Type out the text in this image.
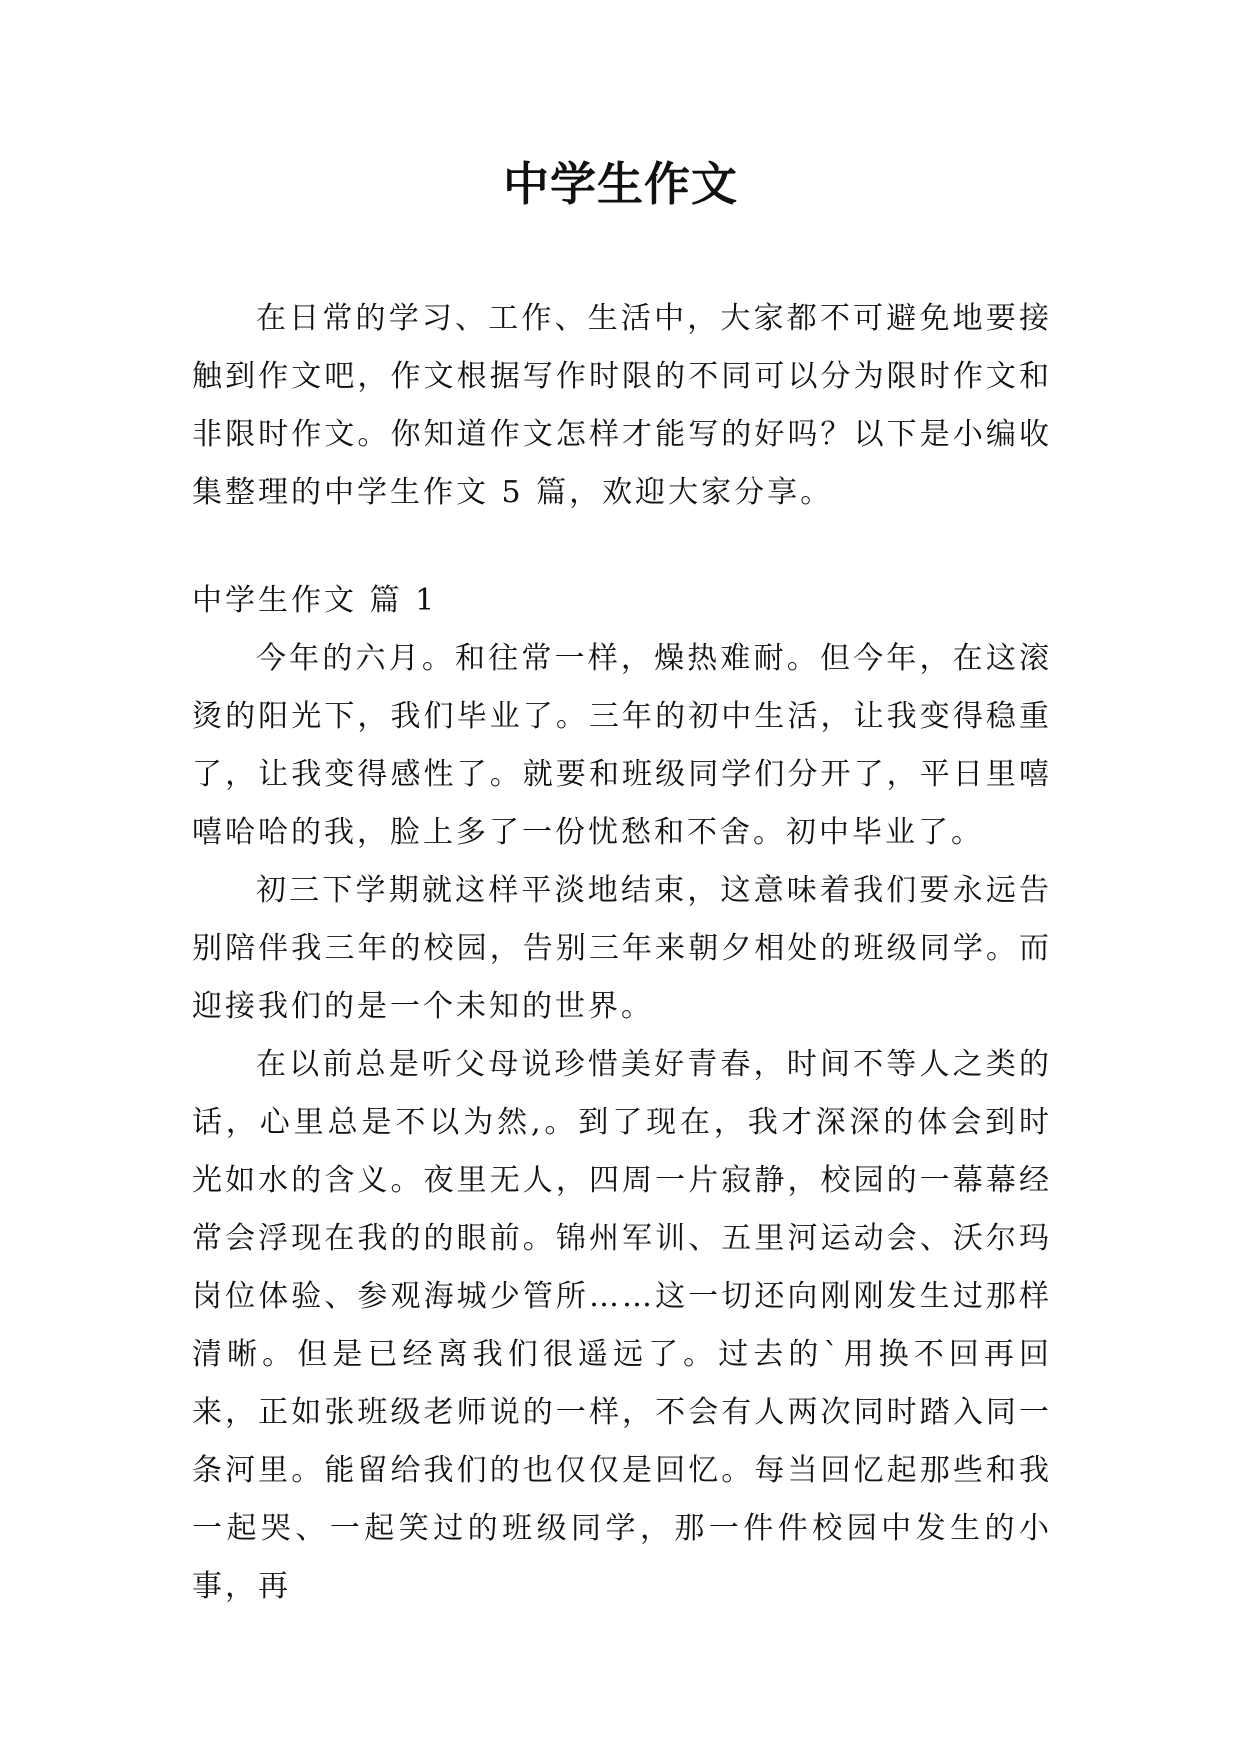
中学生作文

在日常的学习、工作、生活中，大家都不可避免地要接触到作文吧，作文根据写作时限的不同可以分为限时作文和非限时作文。你知道作文怎样才能写的好吗？以下是小编收集整理的中学生作文 5 篇，欢迎大家分享。

中学生作文 篇 1

今年的六月。和往常一样，燥热难耐。但今年，在这滚烫的阳光下，我们毕业了。三年的初中生活，让我变得稳重了，让我变得感性了。就要和班级同学们分开了，平日里嘻嘻哈哈的我，脸上多了一份忧愁和不舍。初中毕业了。

初三下学期就这样平淡地结束，这意味着我们要永远告别陪伴我三年的校园，告别三年来朝夕相处的班级同学。而迎接我们的是一个未知的世界。

在以前总是听父母说珍惜美好青春，时间不等人之类的话，心里总是不以为然,。到了现在，我才深深的体会到时光如水的含义。夜里无人，四周一片寂静，校园的一幕幕经常会浮现在我的的眼前。锦州军训、五里河运动会、沃尔玛岗位体验、参观海城少管所……这一切还向刚刚发生过那样清晰。但是已经离我们很遥远了。过去的`用换不回再回来，正如张班级老师说的一样，不会有人两次同时踏入同一条河里。能留给我们的也仅仅是回忆。每当回忆起那些和我一起哭、一起笑过的班级同学，那一件件校园中发生的小事，再
